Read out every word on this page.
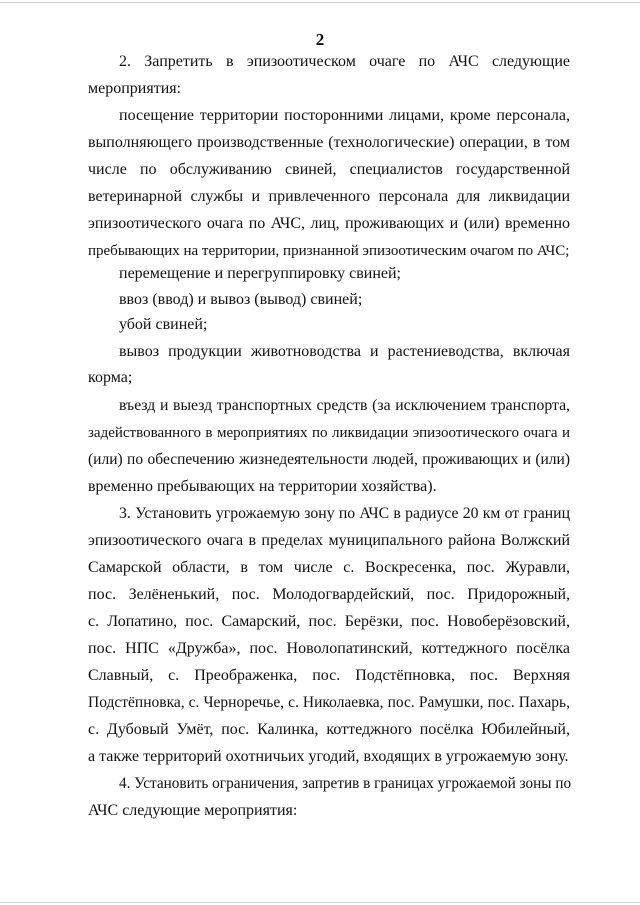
2
2. Запретить в эпизоотическом очаге по АЧС следующие
мероприятия:
посещение территории посторонними лицами, кроме персонала,
выполняющего производственные (технологические) операции, в том
числе по обслуживанию свиней, специалистов государственной
ветеринарной службы и привлеченного персонала для ликвидации
эпизоотического очага по АЧС, лиц, проживающих и (или) временно
пребывающих на территории, признанной эпизоотическим очагом по АЧС;
перемещение и перегруппировку свиней;
ввоз (ввод) и вывоз (вывод) свиней;
убой свиней;
вывоз продукции животноводства и растениеводства, включая
корма;
въезд и выезд транспортных средств (за исключением транспорта,
задействованного в мероприятиях по ликвидации эпизоотического очага и
(или) по обеспечению жизнедеятельности людей, проживающих и (или)
временно пребывающих на территории хозяйства).
3. Установить угрожаемую зону по АЧС в радиусе 20 км от границ
эпизоотического очага в пределах муниципального района Волжский
Самарской области, в том числе с. Воскресенка, пос. Журавли,
пос. Зелёненький, пос. Молодогвардейский, пос. Придорожный,
с. Лопатино, пос. Самарский, пос. Берёзки, пос. Новоберёзовский,
пос. НПС «Дружба», пос. Новолопатинский, коттеджного посёлка
Славный, с. Преображенка, пос. Подстёпновка, пос. Верхняя
Подстёпновка, с. Черноречье, с. Николаевка, пос. Рамушки, пос. Пахарь,
с. Дубовый Умёт, пос. Калинка, коттеджного посёлка Юбилейный,
а также территорий охотничьих угодий, входящих в угрожаемую зону.
4. Установить ограничения, запретив в границах угрожаемой зоны по
АЧС следующие мероприятия:
